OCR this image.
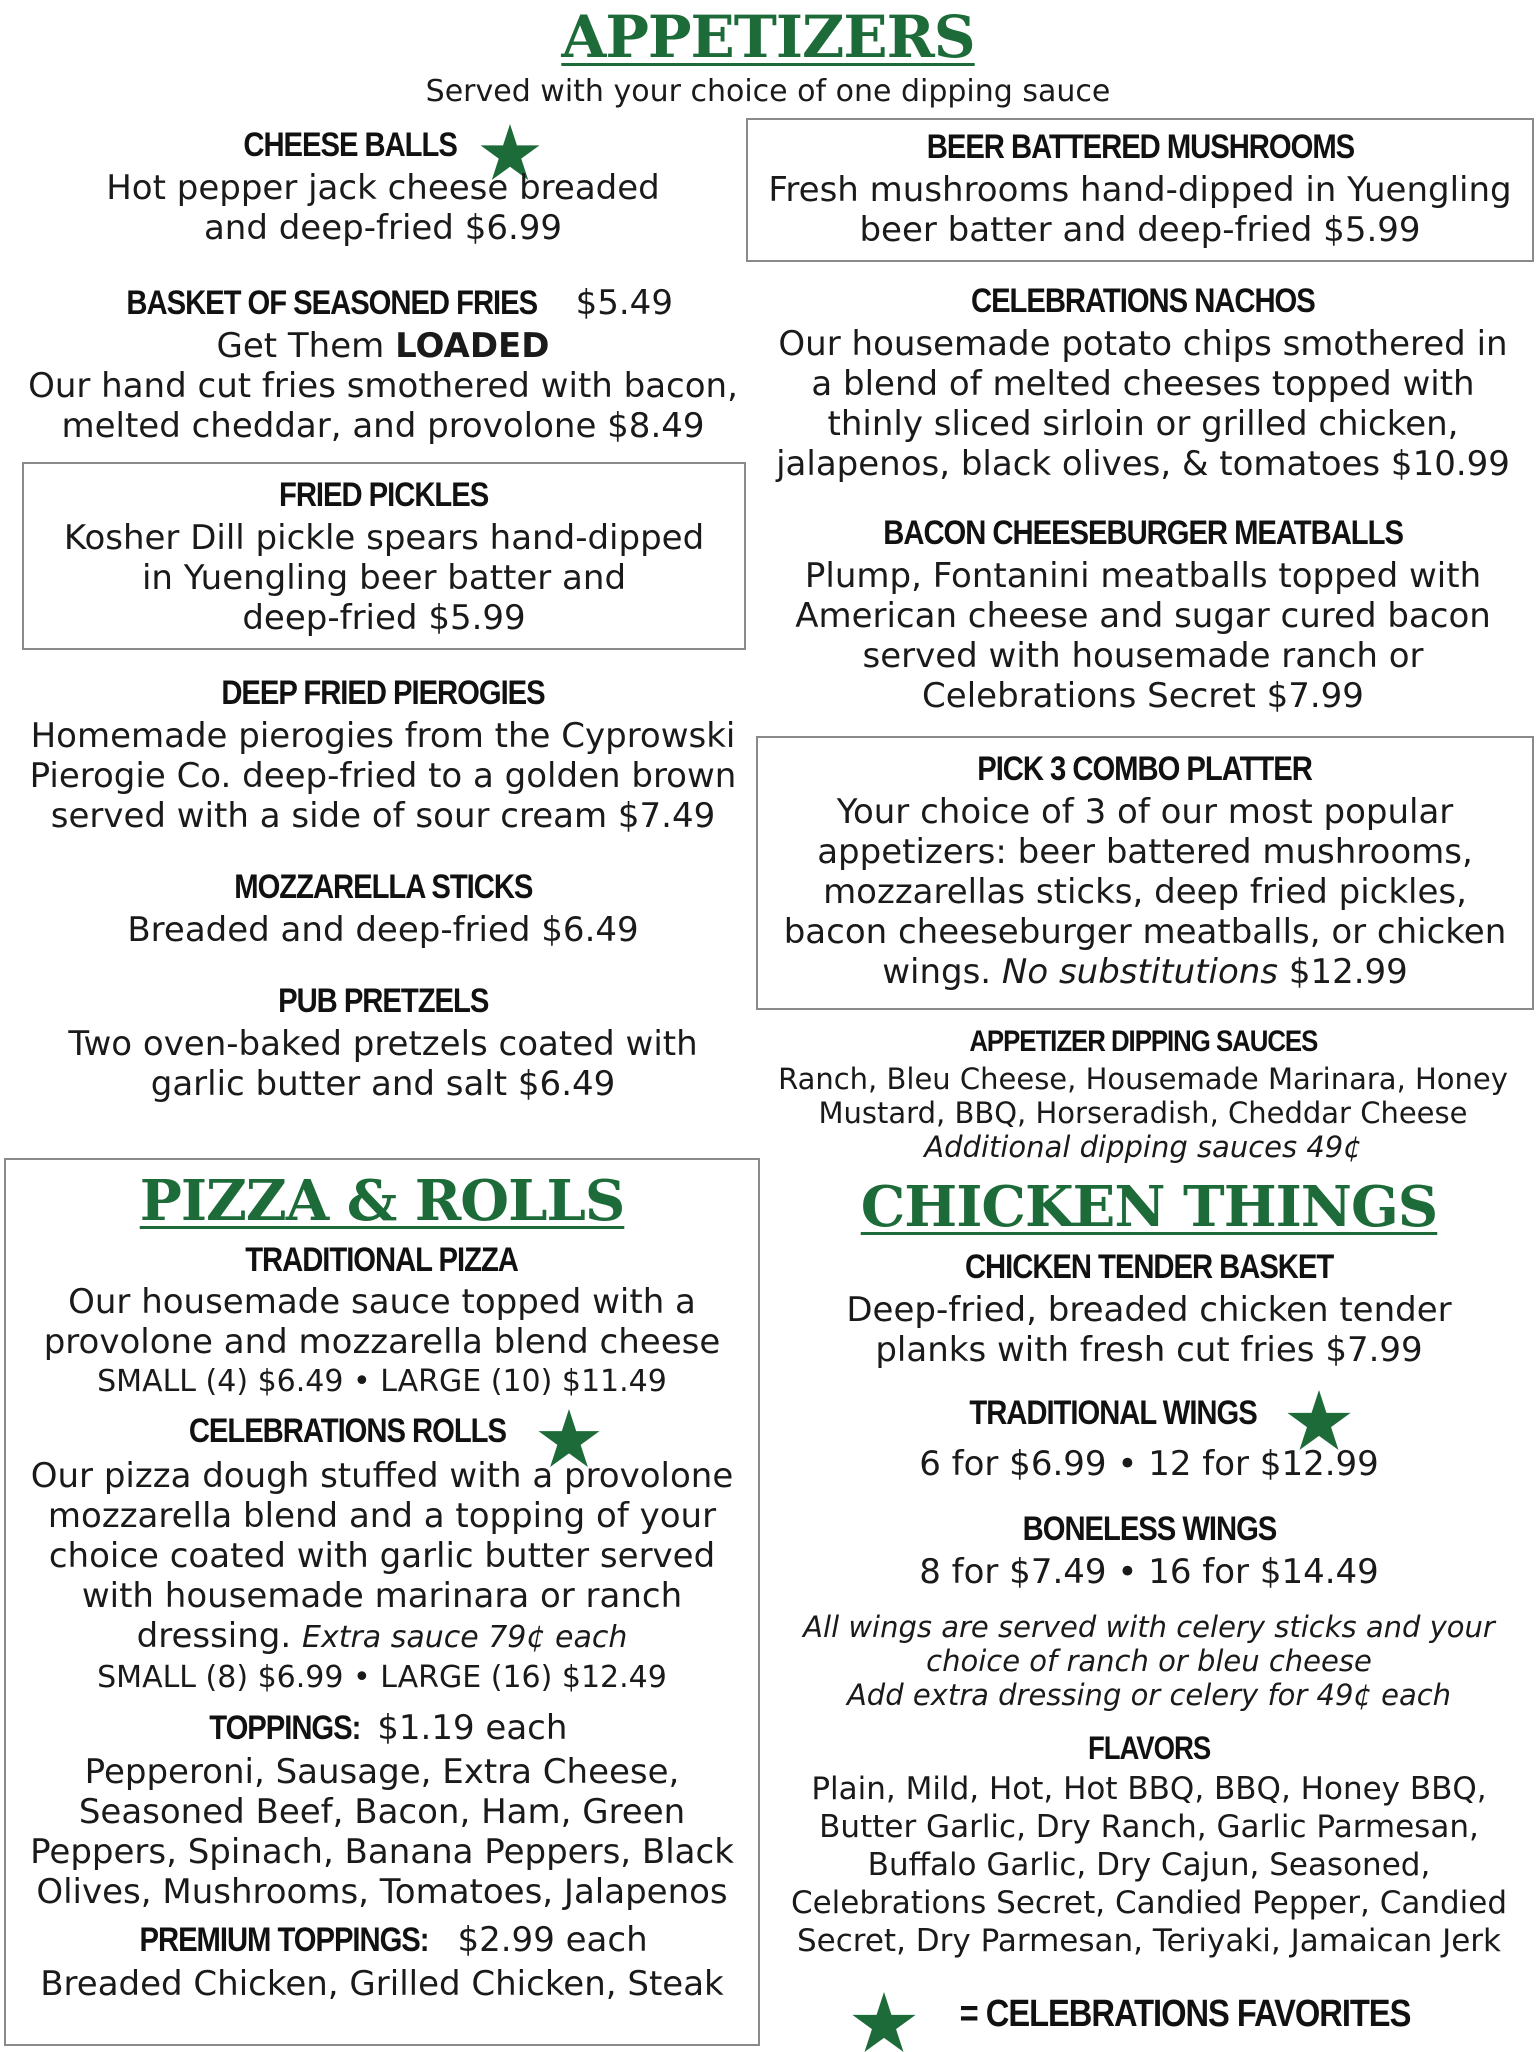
APPETIZERS
Served with your choice of one dipping sauce
CHEESE BALLS

Hot pepper jack cheese breaded

and deep-fried $6.99

BASKET OF SEASONED FRIES $5.49

Get Them LOADED

Our hand cut fries smothered with bacon,

melted cheddar, and provolone $8.49

FRIED PICKLES

Kosher Dill pickle spears hand-dipped

in Yuengling beer batter and

deep-fried $5.99

DEEP FRIED PIEROGIES

Homemade pierogies from the Cyprowski

Pierogie Co. deep-fried to a golden brown

served with a side of sour cream $7.49

MOZZARELLA STICKS

Breaded and deep-fried $6.49

PUB PRETZELS

Two oven-baked pretzels coated with

garlic butter and salt $6.49

BEER BATTERED MUSHROOMS

Fresh mushrooms hand-dipped in Yuengling

beer batter and deep-fried $5.99

CELEBRATIONS NACHOS

Our housemade potato chips smothered in

a blend of melted cheeses topped with

thinly sliced sirloin or grilled chicken,

jalapenos, black olives, & tomatoes $10.99

BACON CHEESEBURGER MEATBALLS

Plump, Fontanini meatballs topped with

American cheese and sugar cured bacon

served with housemade ranch or

Celebrations Secret $7.99

PICK 3 COMBO PLATTER

Your choice of 3 of our most popular

appetizers: beer battered mushrooms,

mozzarellas sticks, deep fried pickles,

bacon cheeseburger meatballs, or chicken

wings. No substitutions $12.99

APPETIZER DIPPING SAUCES

Ranch, Bleu Cheese, Housemade Marinara, Honey

Mustard, BBQ, Horseradish, Cheddar Cheese

Additional dipping sauces 49¢

PIZZA & ROLLS
TRADITIONAL PIZZA

Our housemade sauce topped with a

provolone and mozzarella blend cheese

SMALL (4) $6.49 • LARGE (10) $11.49

CELEBRATIONS ROLLS

Our pizza dough stuffed with a provolone

mozzarella blend and a topping of your

choice coated with garlic butter served

with housemade marinara or ranch

dressing. Extra sauce 79¢ each

SMALL (8) $6.99 • LARGE (16) $12.49

TOPPINGS: $1.19 each

Pepperoni, Sausage, Extra Cheese,

Seasoned Beef, Bacon, Ham, Green

Peppers, Spinach, Banana Peppers, Black

Olives, Mushrooms, Tomatoes, Jalapenos

PREMIUM TOPPINGS: $2.99 each

Breaded Chicken, Grilled Chicken, Steak

CHICKEN THINGS
CHICKEN TENDER BASKET

Deep-fried, breaded chicken tender

planks with fresh cut fries $7.99

TRADITIONAL WINGS

6 for $6.99 • 12 for $12.99

BONELESS WINGS

8 for $7.49 • 16 for $14.49

All wings are served with celery sticks and your

choice of ranch or bleu cheese

Add extra dressing or celery for 49¢ each

FLAVORS

Plain, Mild, Hot, Hot BBQ, BBQ, Honey BBQ,

Butter Garlic, Dry Ranch, Garlic Parmesan,

Buffalo Garlic, Dry Cajun, Seasoned,

Celebrations Secret, Candied Pepper, Candied

Secret, Dry Parmesan, Teriyaki, Jamaican Jerk

= CELEBRATIONS FAVORITES
